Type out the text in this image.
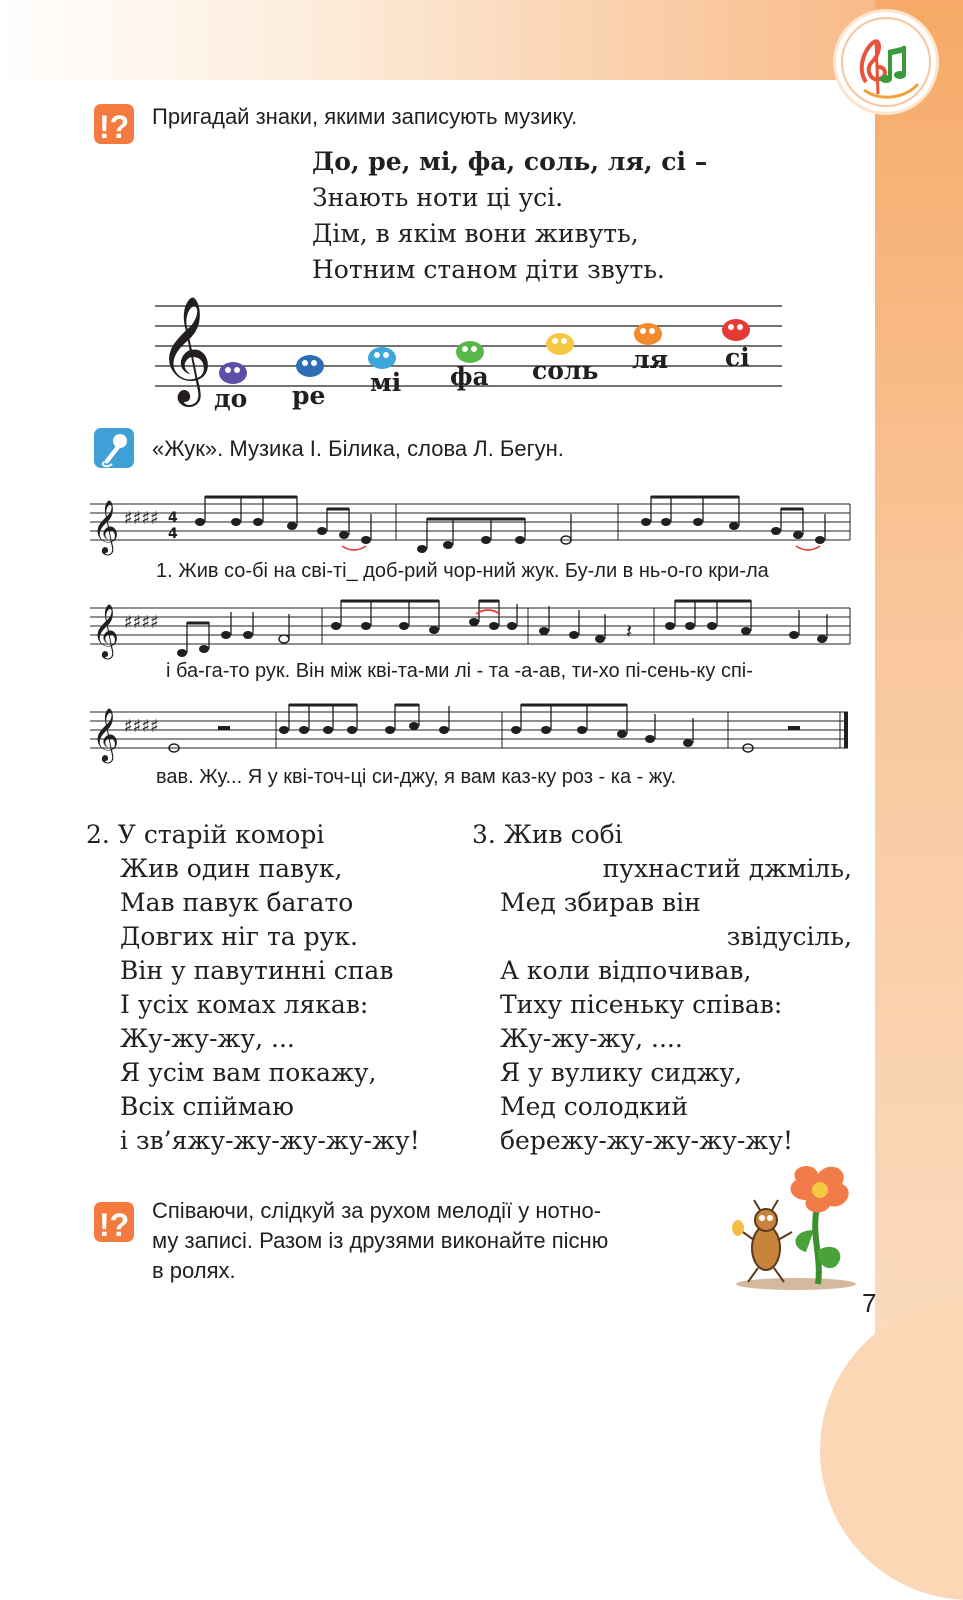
!? Пригадай знаки, якими записують музику.
До, ре, мі, фа, соль, ля, сі –
Знають ноти ці усі.
Дім, в якім вони живуть,
Нотним станом діти звуть.
𝄞 до ре мі фа соль ля сі
«Жук». Музика І. Білика, слова Л. Бегун.
𝄞 ♯♯♯♯ 4
4
1. Жив со-бі на сві-ті_ доб-рий чор-ний жук. Бу-ли в нь-о-го кри-ла
𝄞 ♯♯♯♯	𝄽
і ба-га-то рук. Він між кві-та-ми лі - та -а-ав, ти-хо пі-сень-ку спі-
𝄞 ♯♯♯♯
вав. Жу... Я у кві-точ-ці си-джу, я вам каз-ку роз - ка - жу.
2. У старій коморі
Жив один павук,
Мав павук багато
Довгих ніг та рук.
Він у павутинні спав
І усіх комах лякав:
Жу-жу-жу, ...
Я усім вам покажу,
Всіх спіймаю
і зв’яжу-жу-жу-жу-жу!
3. Жив собі
пухнастий джміль,
Мед збирав він
звідусіль,
А коли відпочивав,
Тиху пісеньку співав:
Жу-жу-жу, ....
Я у вулику сиджу,
Мед солодкий
бережу-жу-жу-жу-жу!
!? Співаючи, слідкуй за рухом мелодії у нотно-
му записі. Разом із друзями виконайте пісню
в ролях.
7
